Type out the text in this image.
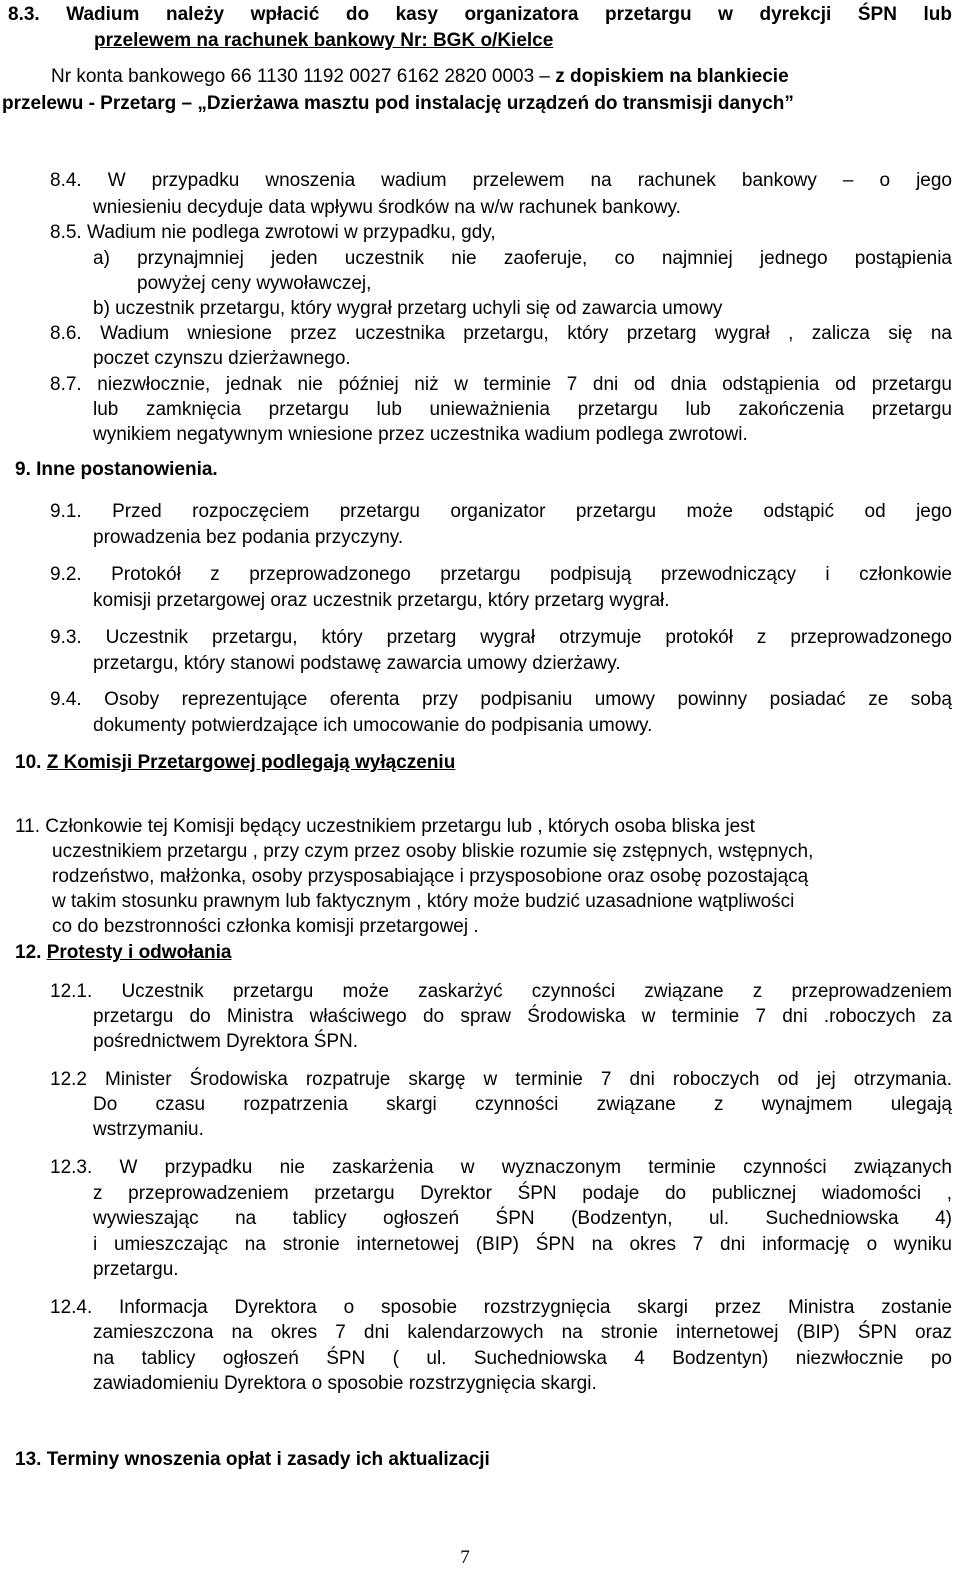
8.3. Wadium należy wpłacić do kasy organizatora przetargu w dyrekcji ŚPN lub
przelewem na rachunek bankowy Nr: BGK o/Kielce
Nr konta bankowego 66 1130 1192 0027 6162 2820 0003 – z dopiskiem na blankiecie
przelewu - Przetarg – „Dzierżawa masztu pod instalację urządzeń do transmisji danych”
8.4. W przypadku wnoszenia wadium przelewem na rachunek bankowy – o jego
wniesieniu decyduje data wpływu środków na w/w rachunek bankowy.
8.5. Wadium nie podlega zwrotowi w przypadku, gdy,
a) przynajmniej jeden uczestnik nie zaoferuje, co najmniej jednego postąpienia
powyżej ceny wywoławczej,
b) uczestnik przetargu, który wygrał przetarg uchyli się od zawarcia umowy
8.6. Wadium wniesione przez uczestnika przetargu, który przetarg wygrał , zalicza się na
poczet czynszu dzierżawnego.
8.7. niezwłocznie, jednak nie później niż w terminie 7 dni od dnia odstąpienia od przetargu
lub zamknięcia przetargu lub unieważnienia przetargu lub zakończenia przetargu
wynikiem negatywnym wniesione przez uczestnika wadium podlega zwrotowi.
9. Inne postanowienia.
9.1. Przed rozpoczęciem przetargu organizator przetargu może odstąpić od jego
prowadzenia bez podania przyczyny.
9.2. Protokół z przeprowadzonego przetargu podpisują przewodniczący i członkowie
komisji przetargowej oraz uczestnik przetargu, który przetarg wygrał.
9.3. Uczestnik przetargu, który przetarg wygrał otrzymuje protokół z przeprowadzonego
przetargu, który stanowi podstawę zawarcia umowy dzierżawy.
9.4. Osoby reprezentujące oferenta przy podpisaniu umowy powinny posiadać ze sobą
dokumenty potwierdzające ich umocowanie do podpisania umowy.
10. Z Komisji Przetargowej podlegają wyłączeniu
11. Członkowie tej Komisji będący uczestnikiem przetargu lub , których osoba bliska jest
uczestnikiem przetargu , przy czym przez osoby bliskie rozumie się zstępnych, wstępnych,
rodzeństwo, małżonka, osoby przysposabiające i przysposobione oraz osobę pozostającą
w takim stosunku prawnym lub faktycznym , który może budzić uzasadnione wątpliwości
co do bezstronności członka komisji przetargowej .
12. Protesty i odwołania
12.1. Uczestnik przetargu może zaskarżyć czynności związane z przeprowadzeniem
przetargu do Ministra właściwego do spraw Środowiska w terminie 7 dni .roboczych za
pośrednictwem Dyrektora ŚPN.
12.2 Minister Środowiska rozpatruje skargę w terminie 7 dni roboczych od jej otrzymania.
Do czasu rozpatrzenia skargi czynności związane z wynajmem ulegają
wstrzymaniu.
12.3. W przypadku nie zaskarżenia w wyznaczonym terminie czynności związanych
z przeprowadzeniem przetargu Dyrektor ŚPN podaje do publicznej wiadomości ,
wywieszając na tablicy ogłoszeń ŚPN (Bodzentyn, ul. Suchedniowska 4)
i umieszczając na stronie internetowej (BIP) ŚPN na okres 7 dni informację o wyniku
przetargu.
12.4. Informacja Dyrektora o sposobie rozstrzygnięcia skargi przez Ministra zostanie
zamieszczona na okres 7 dni kalendarzowych na stronie internetowej (BIP) ŚPN oraz
na tablicy ogłoszeń ŚPN ( ul. Suchedniowska 4 Bodzentyn) niezwłocznie po
zawiadomieniu Dyrektora o sposobie rozstrzygnięcia skargi.
13. Terminy wnoszenia opłat i zasady ich aktualizacji
7
